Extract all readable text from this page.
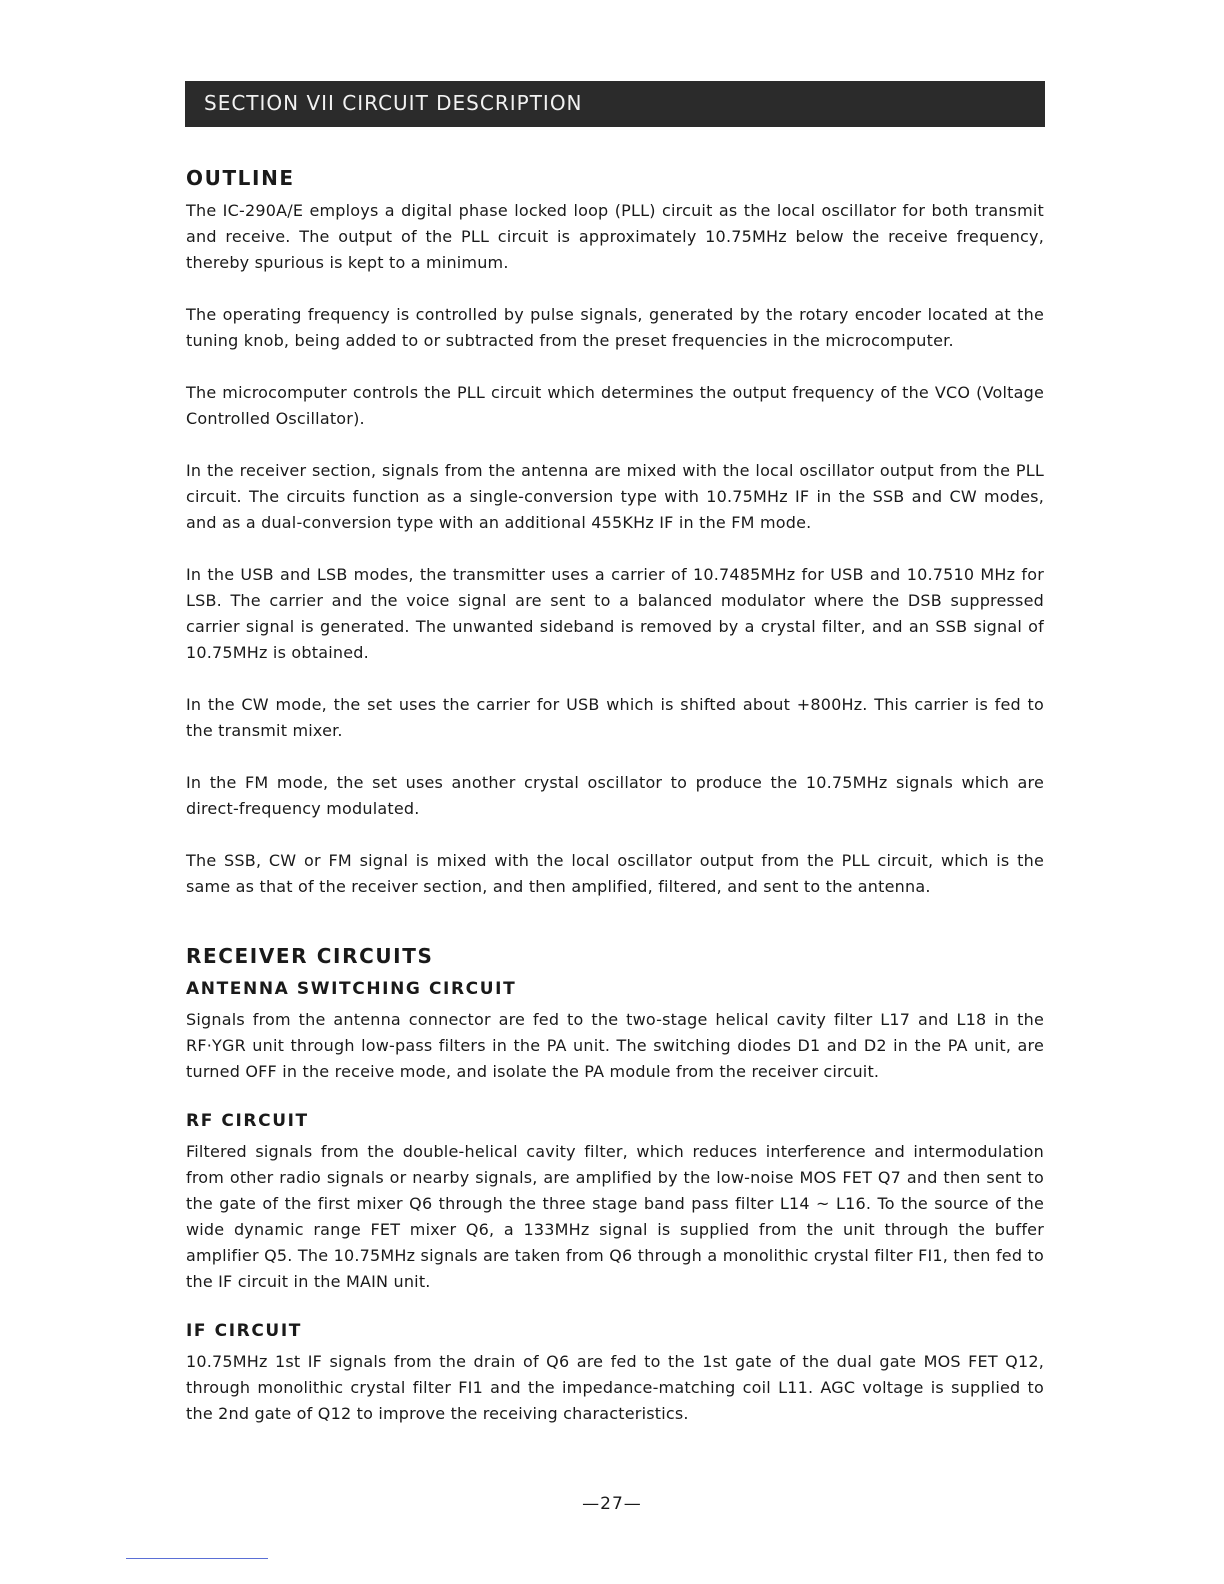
SECTION VII CIRCUIT DESCRIPTION
OUTLINE

The IC-290A/E employs a digital phase locked loop (PLL) circuit as the local oscillator for both transmit and receive. The output of the PLL circuit is approximately 10.75MHz below the receive frequency, thereby spurious is kept to a minimum.

The operating frequency is controlled by pulse signals, generated by the rotary encoder located at the tuning knob, being added to or subtracted from the preset frequencies in the microcomputer.

The microcomputer controls the PLL circuit which determines the output frequency of the VCO (Voltage Controlled Oscillator).

In the receiver section, signals from the antenna are mixed with the local oscillator output from the PLL circuit. The circuits function as a single-conversion type with 10.75MHz IF in the SSB and CW modes, and as a dual-conversion type with an additional 455KHz IF in the FM mode.

In the USB and LSB modes, the transmitter uses a carrier of 10.7485MHz for USB and 10.7510 MHz for LSB. The carrier and the voice signal are sent to a balanced modulator where the DSB suppressed carrier signal is generated. The unwanted sideband is removed by a crystal filter, and an SSB signal of 10.75MHz is obtained.

In the CW mode, the set uses the carrier for USB which is shifted about +800Hz. This carrier is fed to the transmit mixer.

In the FM mode, the set uses another crystal oscillator to produce the 10.75MHz signals which are direct-frequency modulated.

The SSB, CW or FM signal is mixed with the local oscillator output from the PLL circuit, which is the same as that of the receiver section, and then amplified, filtered, and sent to the antenna.

RECEIVER CIRCUITS
ANTENNA SWITCHING CIRCUIT

Signals from the antenna connector are fed to the two-stage helical cavity filter L17 and L18 in the RF·YGR unit through low-pass filters in the PA unit. The switching diodes D1 and D2 in the PA unit, are turned OFF in the receive mode, and isolate the PA module from the receiver circuit.

RF CIRCUIT

Filtered signals from the double-helical cavity filter, which reduces interference and intermodulation from other radio signals or nearby signals, are amplified by the low-noise MOS FET Q7 and then sent to the gate of the first mixer Q6 through the three stage band pass filter L14 ~ L16. To the source of the wide dynamic range FET mixer Q6, a 133MHz signal is supplied from the unit through the buffer amplifier Q5. The 10.75MHz signals are taken from Q6 through a monolithic crystal filter FI1, then fed to the IF circuit in the MAIN unit.

IF CIRCUIT

10.75MHz 1st IF signals from the drain of Q6 are fed to the 1st gate of the dual gate MOS FET Q12, through monolithic crystal filter FI1 and the impedance-matching coil L11. AGC voltage is supplied to the 2nd gate of Q12 to improve the receiving characteristics.

—27—
